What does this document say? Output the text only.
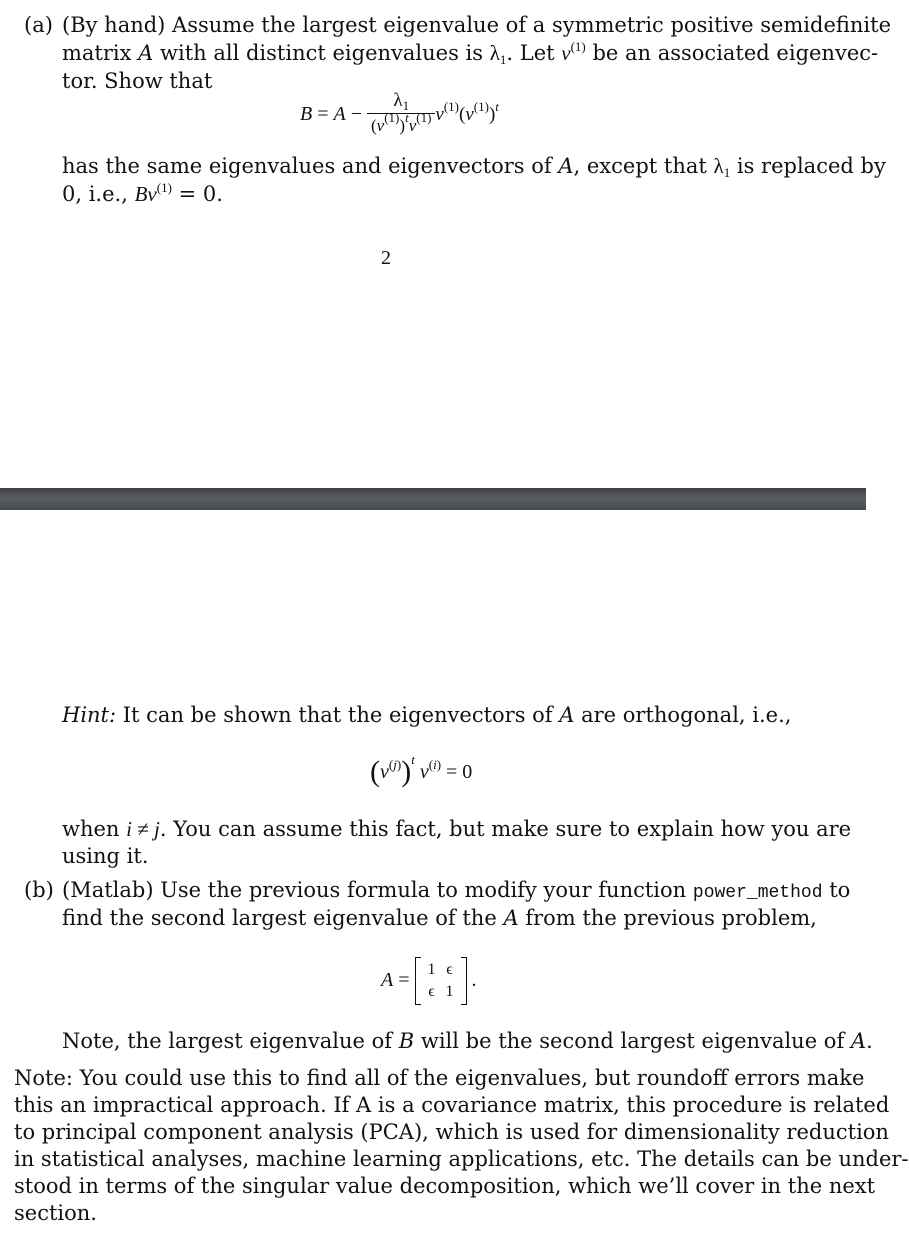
(a) (By hand) Assume the largest eigenvalue of a symmetric positive semidefinite
matrix A with all distinct eigenvalues is $\lambda_1$. Let $v^{(1)}$ be an associated eigenvec-
tor. Show that
$B = A - \frac{\lambda_1}{(v^{(1)})^tv^{(1)}} v^{(1)}(v^{(1)})^t$
has the same eigenvalues and eigenvectors of A, except that $\lambda_1$ is replaced by
0, i.e., $Bv^{(1)} = 0$.
2
Hint: It can be shown that the eigenvectors of A are orthogonal, i.e.,
$(v^{(j)})^t$ $v^{(i)} = 0$
when i ≠ j. You can assume this fact, but make sure to explain how you are
using it.
(b) (Matlab) Use the previous formula to modify your function power_method to
find the second largest eigenvalue of the A from the previous problem,
A = 1	ϵ
ϵ	1
.
Note, the largest eigenvalue of B will be the second largest eigenvalue of A.
Note: You could use this to find all of the eigenvalues, but roundoff errors make
this an impractical approach. If A is a covariance matrix, this procedure is related
to principal component analysis (PCA), which is used for dimensionality reduction
in statistical analyses, machine learning applications, etc. The details can be under-
stood in terms of the singular value decomposition, which we’ll cover in the next
section.
